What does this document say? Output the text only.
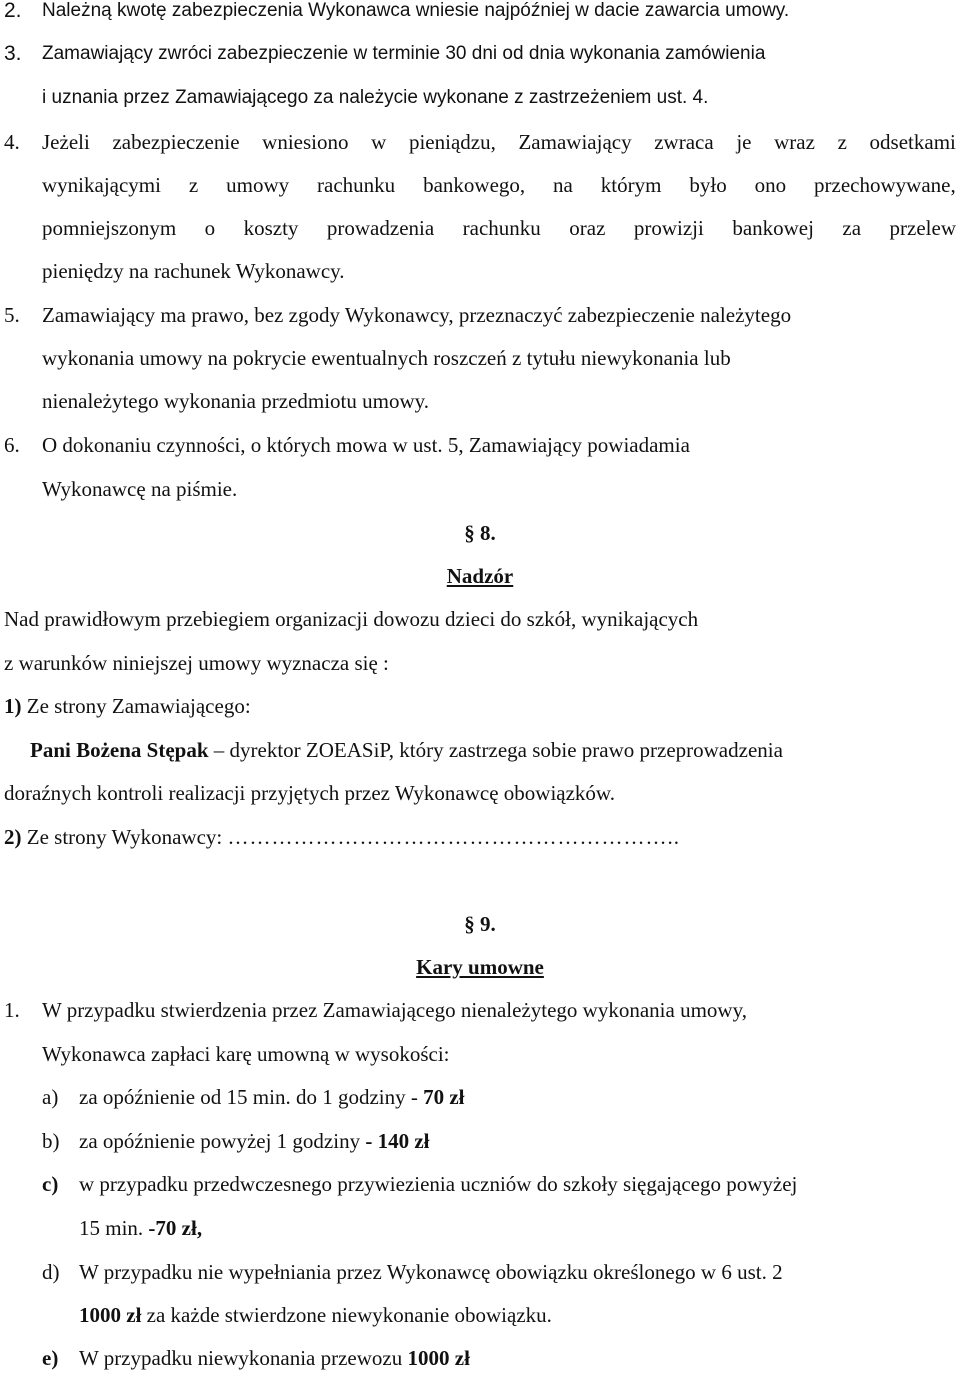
2. Należną kwotę zabezpieczenia Wykonawca wniesie najpóźniej w dacie zawarcia umowy.
3. Zamawiający zwróci zabezpieczenie w terminie 30 dni od dnia wykonania zamówienia
i uznania przez Zamawiającego za należycie wykonane z zastrzeżeniem ust. 4.
4. Jeżeli zabezpieczenie wniesiono w pieniądzu, Zamawiający zwraca je wraz z odsetkami
wynikającymi z umowy rachunku bankowego, na którym było ono przechowywane,
pomniejszonym o koszty prowadzenia rachunku oraz prowizji bankowej za przelew
pieniędzy na rachunek Wykonawcy.
5. Zamawiający ma prawo, bez zgody Wykonawcy, przeznaczyć zabezpieczenie należytego
wykonania umowy na pokrycie ewentualnych roszczeń z tytułu niewykonania lub
nienależytego wykonania przedmiotu umowy.
6. O dokonaniu czynności, o których mowa w ust. 5, Zamawiający powiadamia
Wykonawcę na piśmie.
§ 8.
Nadzór
Nad prawidłowym przebiegiem organizacji dowozu dzieci do szkół, wynikających
z warunków niniejszej umowy wyznacza się :
1) Ze strony Zamawiającego:
Pani Bożena Stępak – dyrektor ZOEASiP, który zastrzega sobie prawo przeprowadzenia
doraźnych kontroli realizacji przyjętych przez Wykonawcę obowiązków.
2) Ze strony Wykonawcy: ……………………………………………………..
§ 9.
Kary umowne
1. W przypadku stwierdzenia przez Zamawiającego nienależytego wykonania umowy,
Wykonawca zapłaci karę umowną w wysokości:
a) za opóźnienie od 15 min. do 1 godziny - 70 zł
b) za opóźnienie powyżej 1 godziny - 140 zł
c) w przypadku przedwczesnego przywiezienia uczniów do szkoły sięgającego powyżej
15 min. -70 zł,
d) W przypadku nie wypełniania przez Wykonawcę obowiązku określonego w 6 ust. 2
1000 zł za każde stwierdzone niewykonanie obowiązku.
e) W przypadku niewykonania przewozu 1000 zł
